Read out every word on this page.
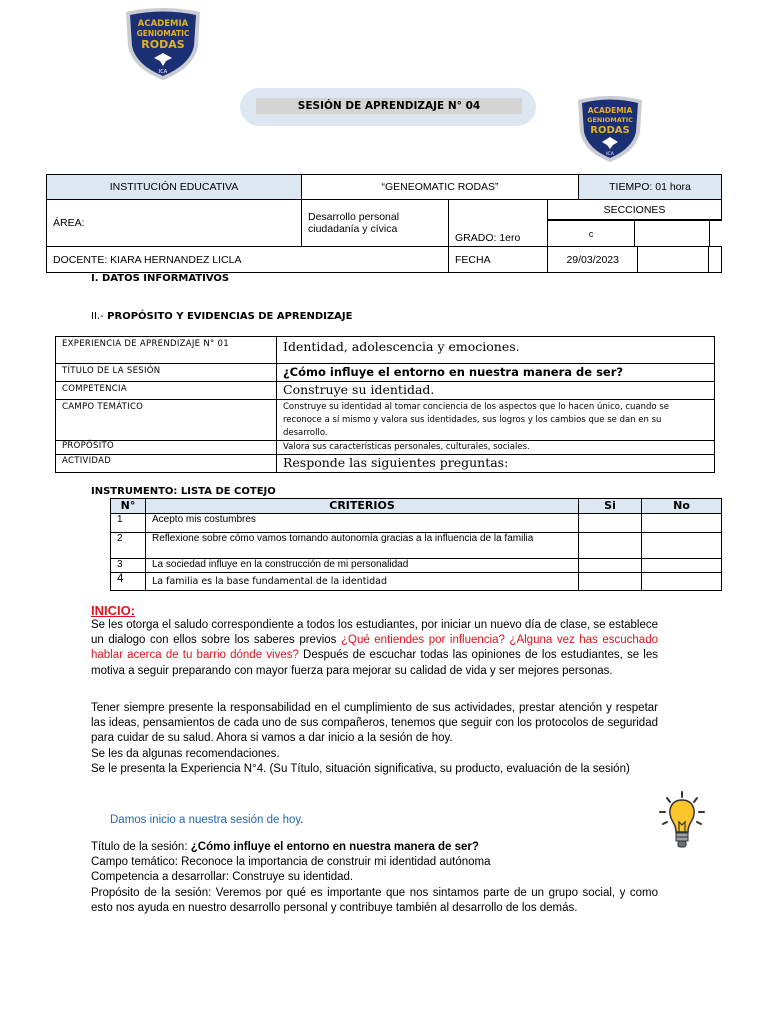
ACADEMIA
GENIOMATIC
RODAS
ICA
SESIÓN DE APRENDIZAJE N° 04	ACADEMIA
GENIOMATIC
RODAS
ICA
INSTITUCIÓN EDUCATIVA	“GENEOMATIC RODAS”	TIEMPO: 01 hora
ÁREA:	Desarrollo personal ciudadanía y cívica	GRADO: 1ero	SECCIONES

c		

DOCENTE: KIARA HERNANDEZ LICLA	FECHA		29/03/2023		
I. DATOS INFORMATIVOS
II.- PROPÓSITO Y EVIDENCIAS DE APRENDIZAJE
EXPERIENCIA DE APRENDIZAJE N° 01	Identidad, adolescencia y emociones.
TÍTULO DE LA SESIÓN	¿Cómo influye el entorno en nuestra manera de ser?
COMPETENCIA	Construye su identidad.
CAMPO TEMÁTICO	Construye su identidad al tomar conciencia de los aspectos que lo hacen único, cuando se reconoce a sí mismo y valora sus identidades, sus logros y los cambios que se dan en su desarrollo.
PROPÓSITO	Valora sus características personales, culturales, sociales.
ACTIVIDAD	Responde las siguientes preguntas:
INSTRUMENTO: LISTA DE COTEJO
N°	CRITERIOS	Si	No
1	Acepto mis costumbres		
2	Reflexione sobre cómo vamos tomando autonomía gracias a la influencia de la familia		
3	La sociedad influye en la construcción de mi personalidad		
4	La familia es la base fundamental de la identidad		
INICIO:
Se les otorga el saludo correspondiente a todos los estudiantes, por iniciar un nuevo día de clase, se establece un dialogo con ellos sobre los saberes previos ¿Qué entiendes por influencia? ¿Alguna vez has escuchado hablar acerca de tu barrio dónde vives? Después de escuchar todas las opiniones de los estudiantes, se les motiva a seguir preparando con mayor fuerza para mejorar su calidad de vida y ser mejores personas.
Tener siempre presente la responsabilidad en el cumplimiento de sus actividades, prestar atención y respetar las ideas, pensamientos de cada uno de sus compañeros, tenemos que seguir con los protocolos de seguridad para cuidar de su salud. Ahora si vamos a dar inicio a la sesión de hoy.
Se les da algunas recomendaciones.
Se le presenta la Experiencia N°4. (Su Título, situación significativa, su producto, evaluación de la sesión)
Damos inicio a nuestra sesión de hoy.
Título de la sesión: ¿Cómo influye el entorno en nuestra manera de ser?
Campo temático: Reconoce la importancia de construir mi identidad autónoma
Competencia a desarrollar: Construye su identidad.
Propósito de la sesión: Veremos por qué es importante que nos sintamos parte de un grupo social, y como esto nos ayuda en nuestro desarrollo personal y contribuye también al desarrollo de los demás.
